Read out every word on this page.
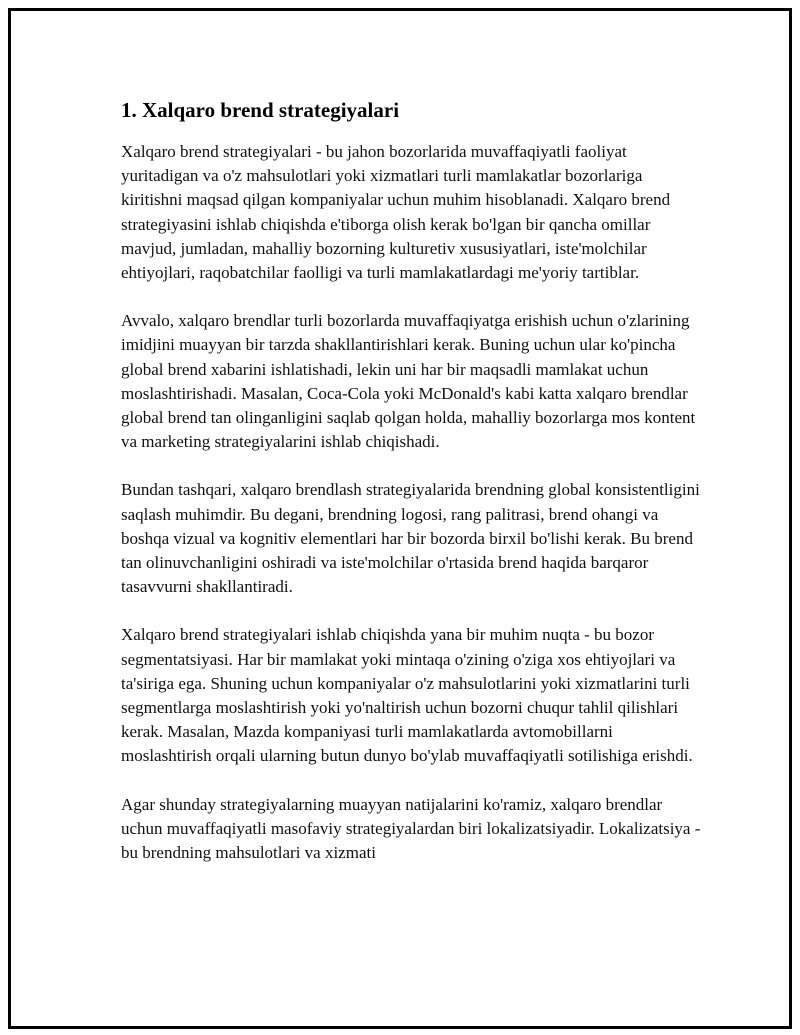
1. Xalqaro brend strategiyalari

Xalqaro brend strategiyalari - bu jahon bozorlarida muvaffaqiyatli faoliyat yuritadigan va o'z mahsulotlari yoki xizmatlari turli mamlakatlar bozorlariga kiritishni maqsad qilgan kompaniyalar uchun muhim hisoblanadi. Xalqaro brend strategiyasini ishlab chiqishda e'tiborga olish kerak bo'lgan bir qancha omillar mavjud, jumladan, mahalliy bozorning kulturetiv xususiyatlari, iste'molchilar ehtiyojlari, raqobatchilar faolligi va turli mamlakatlardagi me'yoriy tartiblar.

Avvalo, xalqaro brendlar turli bozorlarda muvaffaqiyatga erishish uchun o'zlarining imidjini muayyan bir tarzda shakllantirishlari kerak. Buning uchun ular ko'pincha global brend xabarini ishlatishadi, lekin uni har bir maqsadli mamlakat uchun moslashtirishadi. Masalan, Coca-Cola yoki McDonald's kabi katta xalqaro brendlar global brend tan olinganligini saqlab qolgan holda, mahalliy bozorlarga mos kontent va marketing strategiyalarini ishlab chiqishadi.

Bundan tashqari, xalqaro brendlash strategiyalarida brendning global konsistentligini saqlash muhimdir. Bu degani, brendning logosi, rang palitrasi, brend ohangi va boshqa vizual va kognitiv elementlari har bir bozorda birxil bo'lishi kerak. Bu brend tan olinuvchanligini oshiradi va iste'molchilar o'rtasida brend haqida barqaror tasavvurni shakllantiradi.

Xalqaro brend strategiyalari ishlab chiqishda yana bir muhim nuqta - bu bozor segmentatsiyasi. Har bir mamlakat yoki mintaqa o'zining o'ziga xos ehtiyojlari va ta'siriga ega. Shuning uchun kompaniyalar o'z mahsulotlarini yoki xizmatlarini turli segmentlarga moslashtirish yoki yo'naltirish uchun bozorni chuqur tahlil qilishlari kerak. Masalan, Mazda kompaniyasi turli mamlakatlarda avtomobillarni moslashtirish orqali ularning butun dunyo bo'ylab muvaffaqiyatli sotilishiga erishdi.

Agar shunday strategiyalarning muayyan natijalarini ko'ramiz, xalqaro brendlar uchun muvaffaqiyatli masofaviy strategiyalardan biri lokalizatsiyadir. Lokalizatsiya - bu brendning mahsulotlari va xizmati
